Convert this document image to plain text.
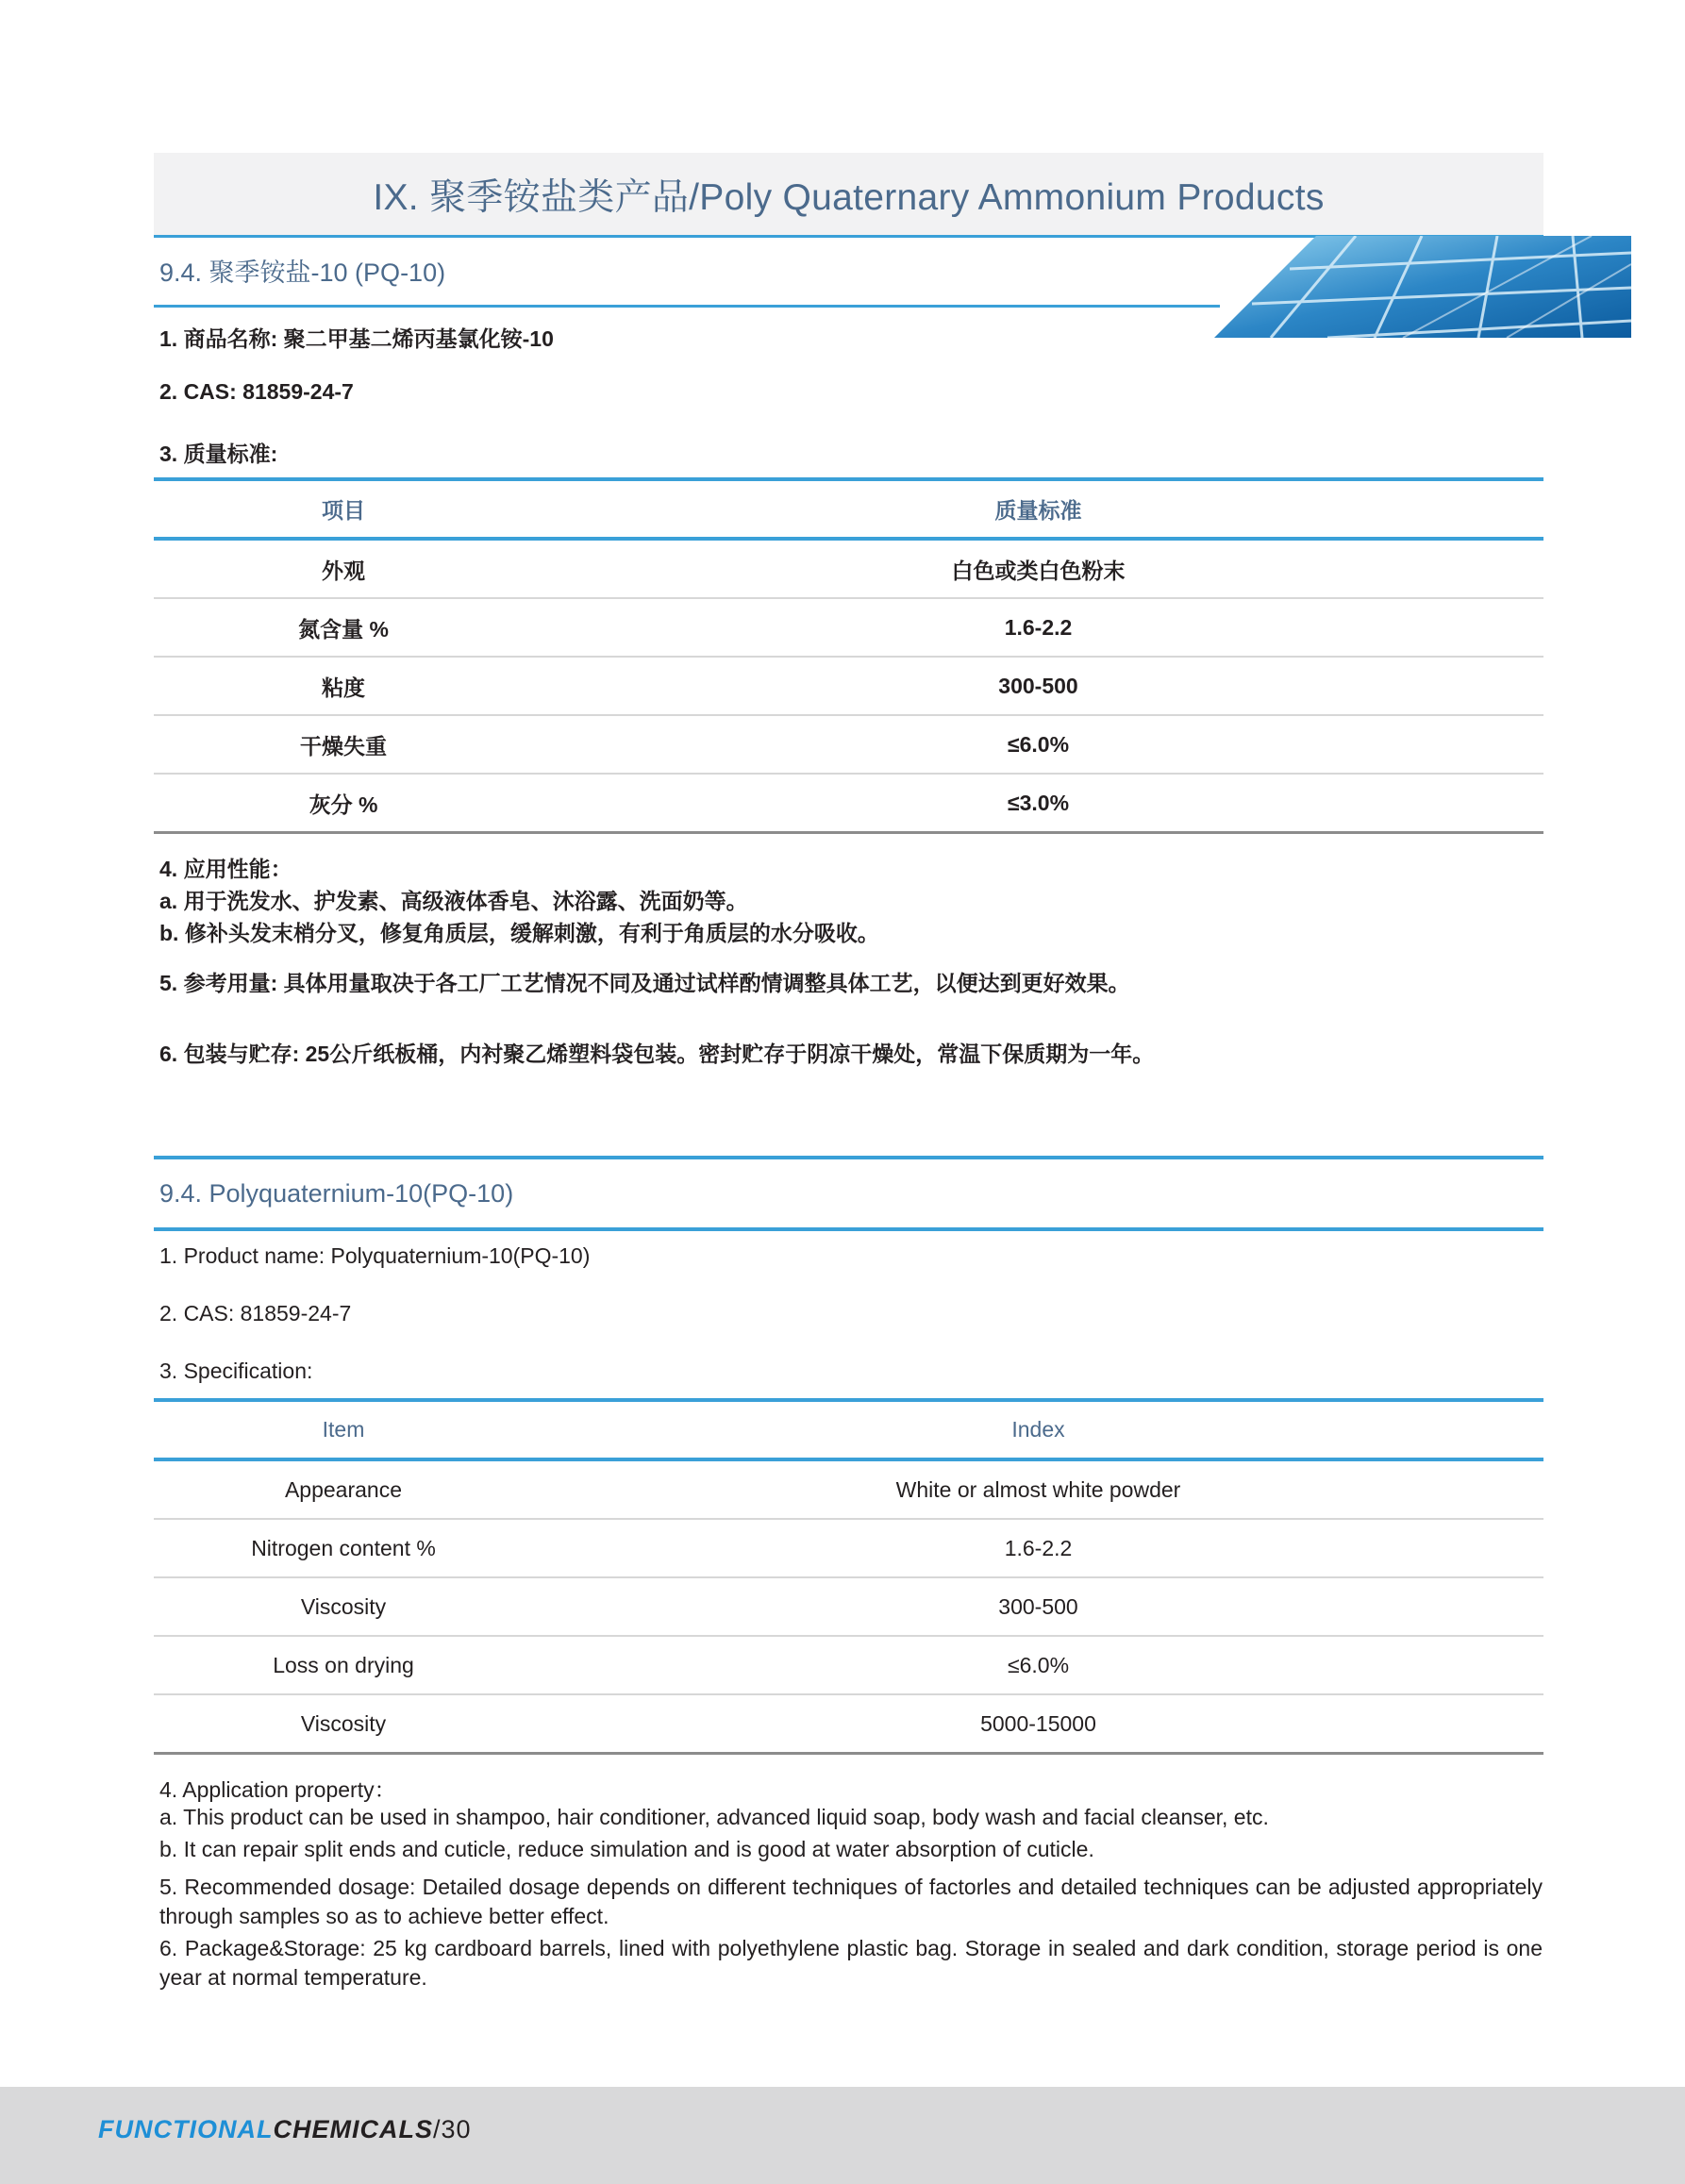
IX. 聚季铵盐类产品/Poly Quaternary Ammonium Products
9.4. 聚季铵盐-10 (PQ-10)
1. 商品名称: 聚二甲基二烯丙基氯化铵-10
2. CAS: 81859-24-7
3. 质量标准:
项目	质量标准
外观	白色或类白色粉末
氮含量 %	1.6-2.2
粘度	300-500
干燥失重	≤6.0%
灰分 %	≤3.0%
4. 应用性能：
a. 用于洗发水、护发素、高级液体香皂、沐浴露、洗面奶等。
b. 修补头发末梢分叉，修复角质层，缓解刺激，有利于角质层的水分吸收。
5. 参考用量: 具体用量取决于各工厂工艺情况不同及通过试样酌情调整具体工艺，以便达到更好效果。
6. 包装与贮存: 25公斤纸板桶，内衬聚乙烯塑料袋包装。密封贮存于阴凉干燥处，常温下保质期为一年。
9.4. Polyquaternium-10(PQ-10)
1. Product name: Polyquaternium-10(PQ-10)
2. CAS: 81859-24-7
3. Specification:
Item	Index
Appearance	White or almost white powder
Nitrogen content %	1.6-2.2
Viscosity	300-500
Loss on drying	≤6.0%
Viscosity	5000-15000
4. Application property：
a. This product can be used in shampoo, hair conditioner, advanced liquid soap, body wash and facial cleanser, etc.
b. It can repair split ends and cuticle, reduce simulation and is good at water absorption of cuticle.
5. Recommended dosage: Detailed dosage depends on different techniques of factorles and detailed techniques can be adjusted appropriately through samples so as to achieve better effect.
6. Package&Storage: 25 kg cardboard barrels, lined with polyethylene plastic bag. Storage in sealed and dark condition, storage period is one year at normal temperature.
FUNCTIONALCHEMICALS/30
